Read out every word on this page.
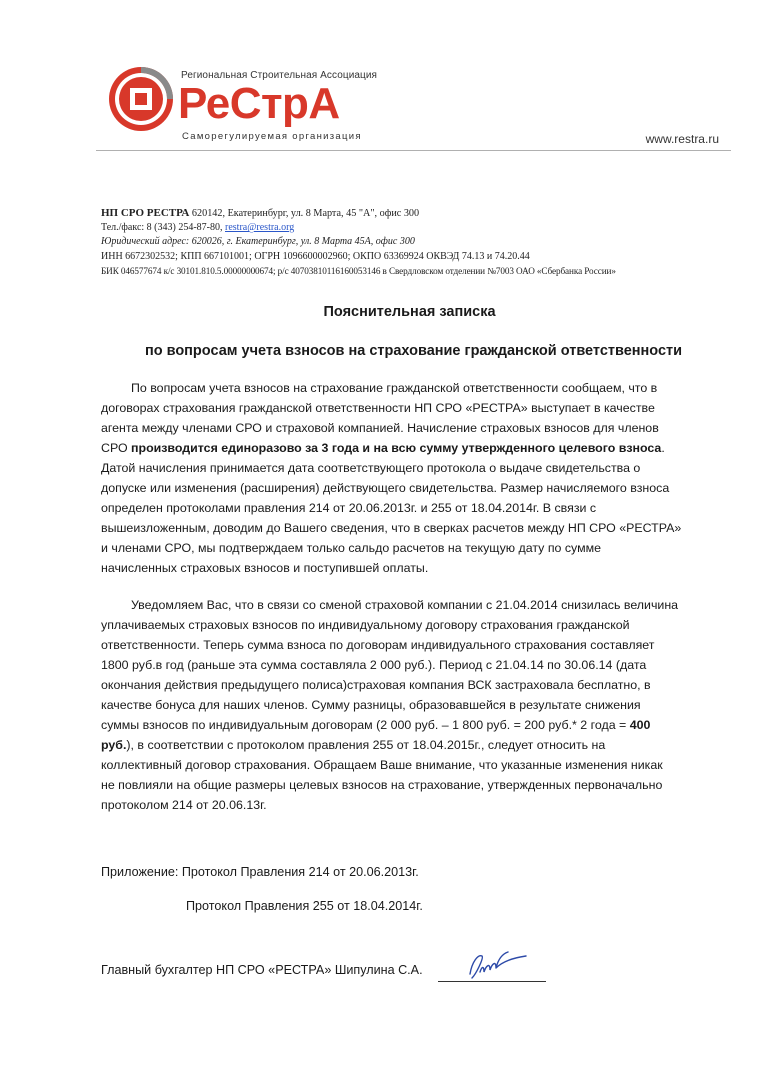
Региональная Строительная Ассоциация
РеСтрА
Саморегулируемая организация	www.restra.ru
НП СРО РЕСТРА 620142, Екатеринбург, ул. 8 Марта, 45 "А", офис 300
Тел./факс: 8 (343) 254-87-80, restra@restra.org
Юридический адрес: 620026, г. Екатеринбург, ул. 8 Марта 45А, офис 300
ИНН 6672302532; КПП 667101001; ОГРН 1096600002960; ОКПО 63369924 ОКВЭД 74.13 и 74.20.44
БИК 046577674 к/с 30101.810.5.00000000674; р/с 40703810116160053146 в Свердловском отделении №7003 ОАО «Сбербанка России»
Пояснительная записка
по вопросам учета взносов на страхование гражданской ответственности
По вопросам учета взносов на страхование гражданской ответственности сообщаем, что в
договорах страхования гражданской ответственности НП СРО «РЕСТРА» выступает в качестве
агента между членами СРО и страховой компанией. Начисление страховых взносов для членов
СРО производится единоразово за 3 года и на всю сумму утвержденного целевого взноса.
Датой начисления принимается дата соответствующего протокола о выдаче свидетельства о
допуске или изменения (расширения) действующего свидетельства. Размер начисляемого взноса
определен протоколами правления 214 от 20.06.2013г. и 255 от 18.04.2014г. В связи с
вышеизложенным, доводим до Вашего сведения, что в сверках расчетов между НП СРО «РЕСТРА»
и членами СРО, мы подтверждаем только сальдо расчетов на текущую дату по сумме
начисленных страховых взносов и поступившей оплаты.
Уведомляем Вас, что в связи со сменой страховой компании с 21.04.2014 снизилась величина
уплачиваемых страховых взносов по индивидуальному договору страхования гражданской
ответственности. Теперь сумма взноса по договорам индивидуального страхования составляет
1800 руб.в год (раньше эта сумма составляла 2 000 руб.). Период с 21.04.14 по 30.06.14 (дата
окончания действия предыдущего полиса)страховая компания ВСК застраховала бесплатно, в
качестве бонуса для наших членов. Сумму разницы, образовавшейся в результате снижения
суммы взносов по индивидуальным договорам (2 000 руб. – 1 800 руб. = 200 руб.* 2 года = 400
руб.), в соответствии с протоколом правления 255 от 18.04.2015г., следует относить на
коллективный договор страхования. Обращаем Ваше внимание, что указанные изменения никак
не повлияли на общие размеры целевых взносов на страхование, утвержденных первоначально
протоколом 214 от 20.06.13г.
Приложение: Протокол Правления 214 от 20.06.2013г.
Протокол Правления 255 от 18.04.2014г.
Главный бухгалтер НП СРО «РЕСТРА» Шипулина С.А.
